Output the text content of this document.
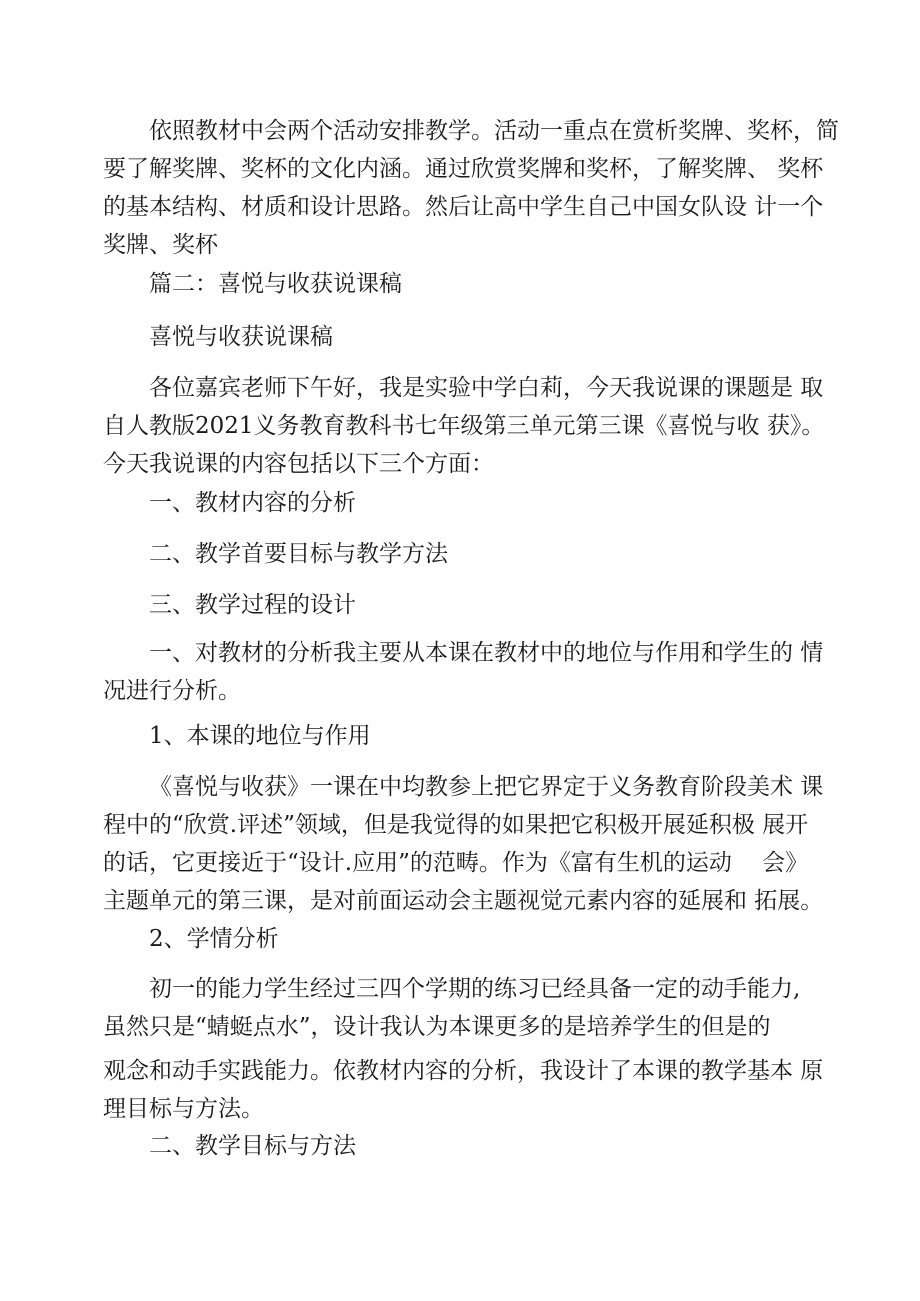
依照教材中会两个活动安排教学。活动一重点在赏析奖牌、奖杯，简
要了解奖牌、奖杯的文化内涵。通过欣赏奖牌和奖杯，了解奖牌、 奖杯
的基本结构、材质和设计思路。然后让高中学生自己中国女队设 计一个
奖牌、奖杯
篇二：喜悦与收获说课稿
喜悦与收获说课稿
各位嘉宾老师下午好，我是实验中学白莉，今天我说课的课题是 取
自人教版2021义务教育教科书七年级第三单元第三课《喜悦与收 获》。
今天我说课的内容包括以下三个方面：
一、教材内容的分析
二、教学首要目标与教学方法
三、教学过程的设计
一、对教材的分析我主要从本课在教材中的地位与作用和学生的 情
况进行分析。
1、本课的地位与作用
《喜悦与收获》一课在中均教参上把它界定于义务教育阶段美术 课
程中的“欣赏.评述”领域，但是我觉得的如果把它积极开展延积极 展开
的话，它更接近于“设计.应用”的范畴。作为《富有生机的运动　 会》
主题单元的第三课，是对前面运动会主题视觉元素内容的延展和 拓展。
2、学情分析
初一的能力学生经过三四个学期的练习已经具备一定的动手能力,
虽然只是“蜻蜓点水”，设计我认为本课更多的是培养学生的但是的
观念和动手实践能力。依教材内容的分析，我设计了本课的教学基本 原
理目标与方法。
二、教学目标与方法
